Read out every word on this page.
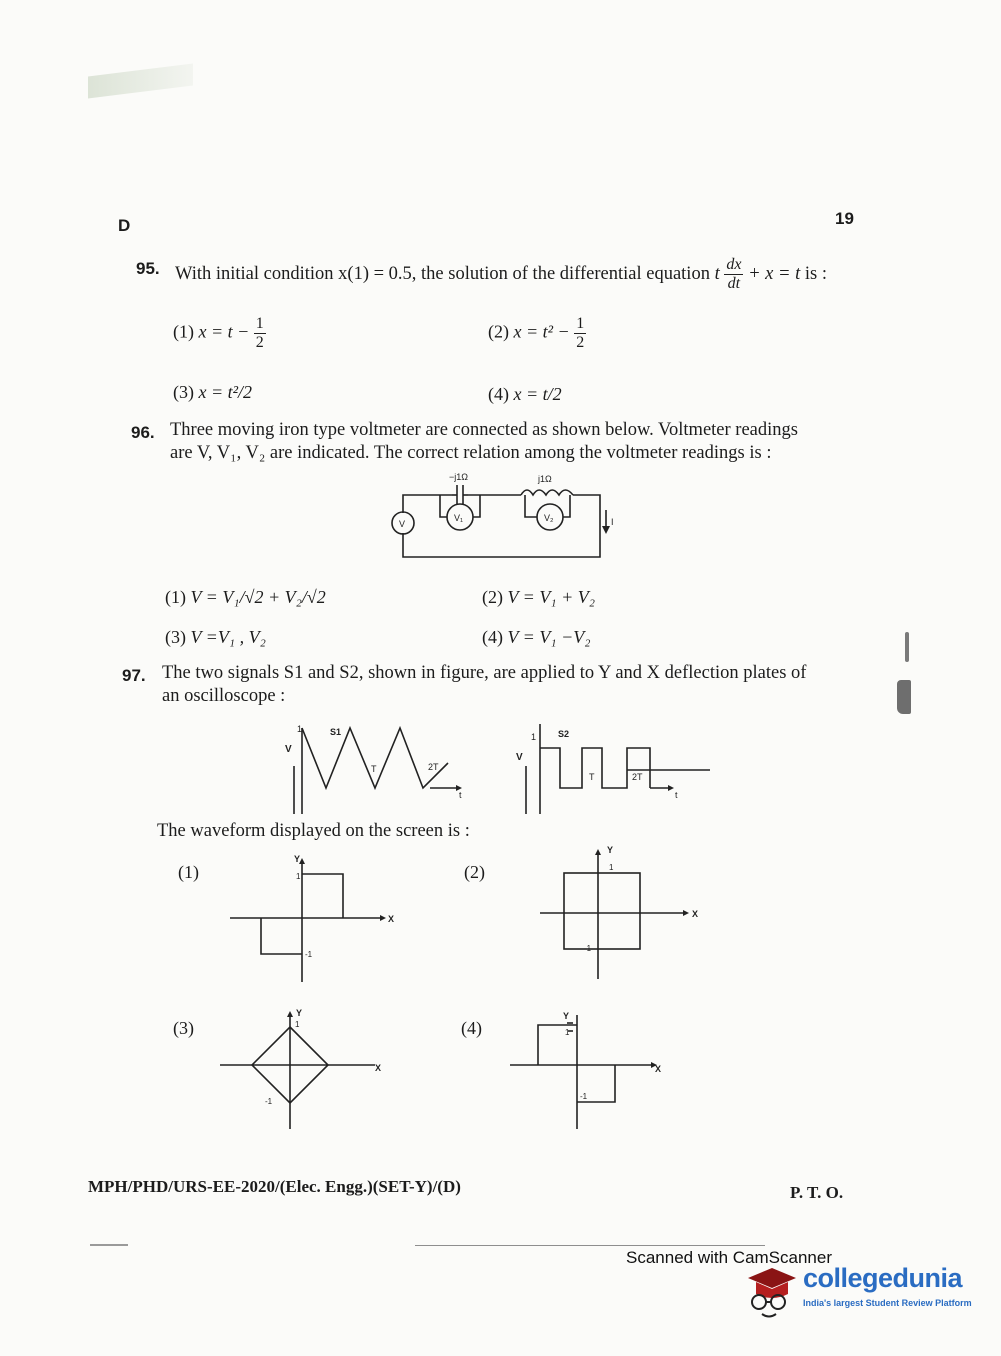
D	19
95. With initial condition x(1) = 0.5, the solution of the differential equation t $\frac{dx}{dt} + x = t$ is :
(1) $x = t - \frac{1}{2}$	(2) $x = t^2 - \frac{1}{2}$
(3) x = t²/2	(4) x = t/2
96. Three moving iron type voltmeter are connected as shown below. Voltmeter readings
are V, V₁, V₂ are indicated. The correct relation among the voltmeter readings is :
−j1Ω	j1Ω
V
V₁	V₂	I
(1) V = V₁/√2 + V₂/√2	(2) V = V₁ + V₂
(3) V =V₁ , V₂	(4) V = V₁ −V₂
97. The two signals S1 and S2, shown in figure, are applied to Y and X deflection plates of
an oscilloscope :
1	S1
V
T	2T
t
1 S2
V
T	2T
t
The waveform displayed on the screen is :
(1)	(2)
(3)	(4)
Y
X
1
-1
Y
X
1
-1
Y
X
1
-1
Y
X
1
-1
MPH/PHD/URS-EE-2020/(Elec. Engg.)(SET-Y)/(D)	P. T. O.
Scanned with CamScanner
collegedunia
India's largest Student Review Platform
